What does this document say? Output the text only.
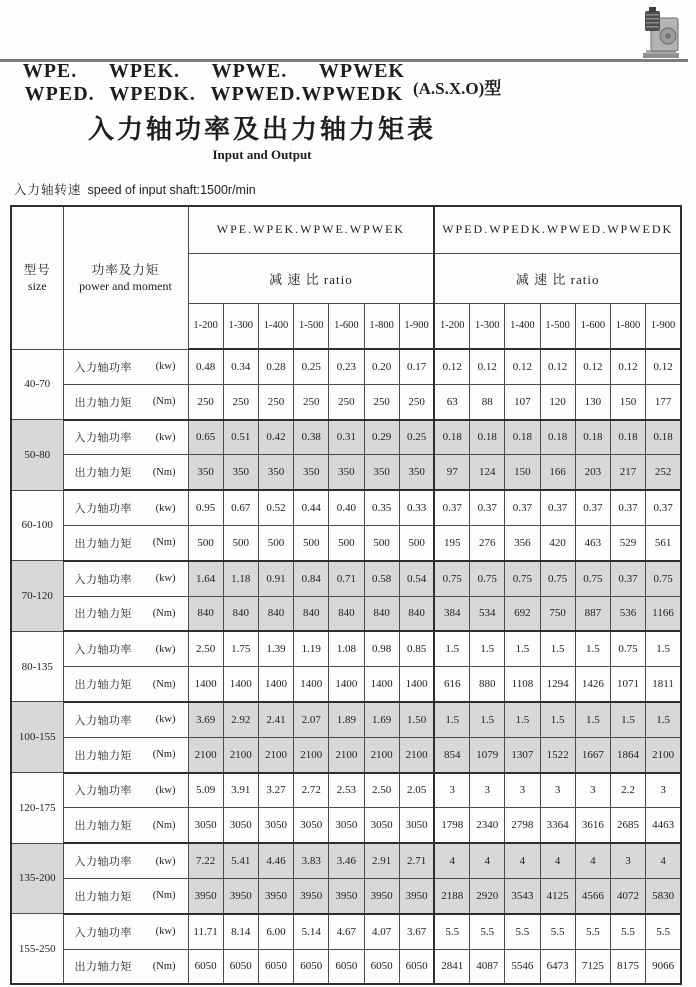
WPE. WPEK. WPWE. WPWEK
WPED. WPEDK. WPWED.WPWEDK (A.S.X.O)型
入力轴功率及出力轴力矩表
Input and Output
入力轴转速 speed of input shaft:1500r/min
型号
size	功率及力矩
power and moment	WPE.WPEK.WPWE.WPWEK							WPED.WPEDK.WPWED.WPWEDK						
		减 速 比 ratio							减 速 比 ratio						
		1-200	1-300	1-400	1-500	1-600	1-800	1-900	1-200	1-300	1-400	1-500	1-600	1-800	1-900
40-70	入力轴功率 (kw)	0.48	0.34	0.28	0.25	0.23	0.20	0.17	0.12	0.12	0.12	0.12	0.12	0.12	0.12

	出力轴力矩 (Nm)	250	250	250	250	250	250	250	63	88	107	120	130	150	177
50-80	入力轴功率 (kw)	0.65	0.51	0.42	0.38	0.31	0.29	0.25	0.18	0.18	0.18	0.18	0.18	0.18	0.18

	出力轴力矩 (Nm)	350	350	350	350	350	350	350	97	124	150	166	203	217	252
60-100	入力轴功率 (kw)	0.95	0.67	0.52	0.44	0.40	0.35	0.33	0.37	0.37	0.37	0.37	0.37	0.37	0.37

	出力轴力矩 (Nm)	500	500	500	500	500	500	500	195	276	356	420	463	529	561
70-120	入力轴功率 (kw)	1.64	1.18	0.91	0.84	0.71	0.58	0.54	0.75	0.75	0.75	0.75	0.75	0.37	0.75

	出力轴力矩 (Nm)	840	840	840	840	840	840	840	384	534	692	750	887	536	1166
80-135	入力轴功率 (kw)	2.50	1.75	1.39	1.19	1.08	0.98	0.85	1.5	1.5	1.5	1.5	1.5	0.75	1.5

	出力轴力矩 (Nm)	1400	1400	1400	1400	1400	1400	1400	616	880	1108	1294	1426	1071	1811
100-155	入力轴功率 (kw)	3.69	2.92	2.41	2.07	1.89	1.69	1.50	1.5	1.5	1.5	1.5	1.5	1.5	1.5

	出力轴力矩 (Nm)	2100	2100	2100	2100	2100	2100	2100	854	1079	1307	1522	1667	1864	2100
120-175	入力轴功率 (kw)	5.09	3.91	3.27	2.72	2.53	2.50	2.05	3	3	3	3	3	2.2	3

	出力轴力矩 (Nm)	3050	3050	3050	3050	3050	3050	3050	1798	2340	2798	3364	3616	2685	4463
135-200	入力轴功率 (kw)	7.22	5.41	4.46	3.83	3.46	2.91	2.71	4	4	4	4	4	3	4

	出力轴力矩 (Nm)	3950	3950	3950	3950	3950	3950	3950	2188	2920	3543	4125	4566	4072	5830
155-250	入力轴功率 (kw)	11.71	8.14	6.00	5.14	4.67	4.07	3.67	5.5	5.5	5.5	5.5	5.5	5.5	5.5

	出力轴力矩 (Nm)	6050	6050	6050	6050	6050	6050	6050	2841	4087	5546	6473	7125	8175	9066
